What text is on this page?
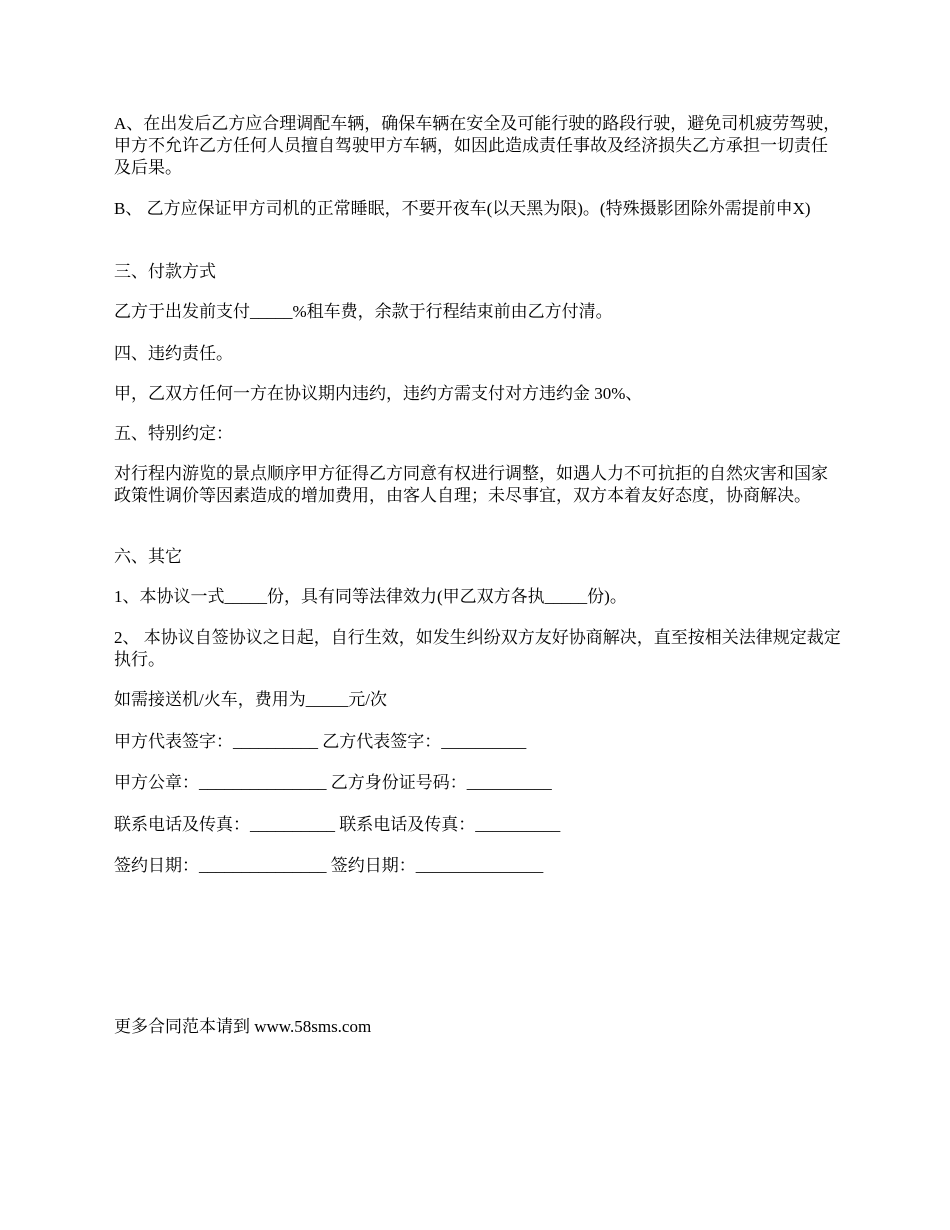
A、在出发后乙方应合理调配车辆，确保车辆在安全及可能行驶的路段行驶，避免司机疲劳驾驶，甲方不允许乙方任何人员擅自驾驶甲方车辆，如因此造成责任事故及经济损失乙方承担一切责任及后果。

B、 乙方应保证甲方司机的正常睡眠，不要开夜车(以天黑为限)。(特殊摄影团除外需提前申X)

三、付款方式

乙方于出发前支付_____%租车费，余款于行程结束前由乙方付清。

四、违约责任。

甲，乙双方任何一方在协议期内违约，违约方需支付对方违约金 30%、

五、特别约定：

对行程内游览的景点顺序甲方征得乙方同意有权进行调整，如遇人力不可抗拒的自然灾害和国家政策性调价等因素造成的增加费用，由客人自理；未尽事宜，双方本着友好态度，协商解决。

六、其它

1、本协议一式_____份，具有同等法律效力(甲乙双方各执_____份)。

2、 本协议自签协议之日起，自行生效，如发生纠纷双方友好协商解决，直至按相关法律规定裁定执行。

如需接送机/火车，费用为_____元/次

甲方代表签字：__________ 乙方代表签字：__________

甲方公章：_______________ 乙方身份证号码：__________

联系电话及传真：__________ 联系电话及传真：__________

签约日期：_______________ 签约日期：_______________

更多合同范本请到 www.58sms.com
